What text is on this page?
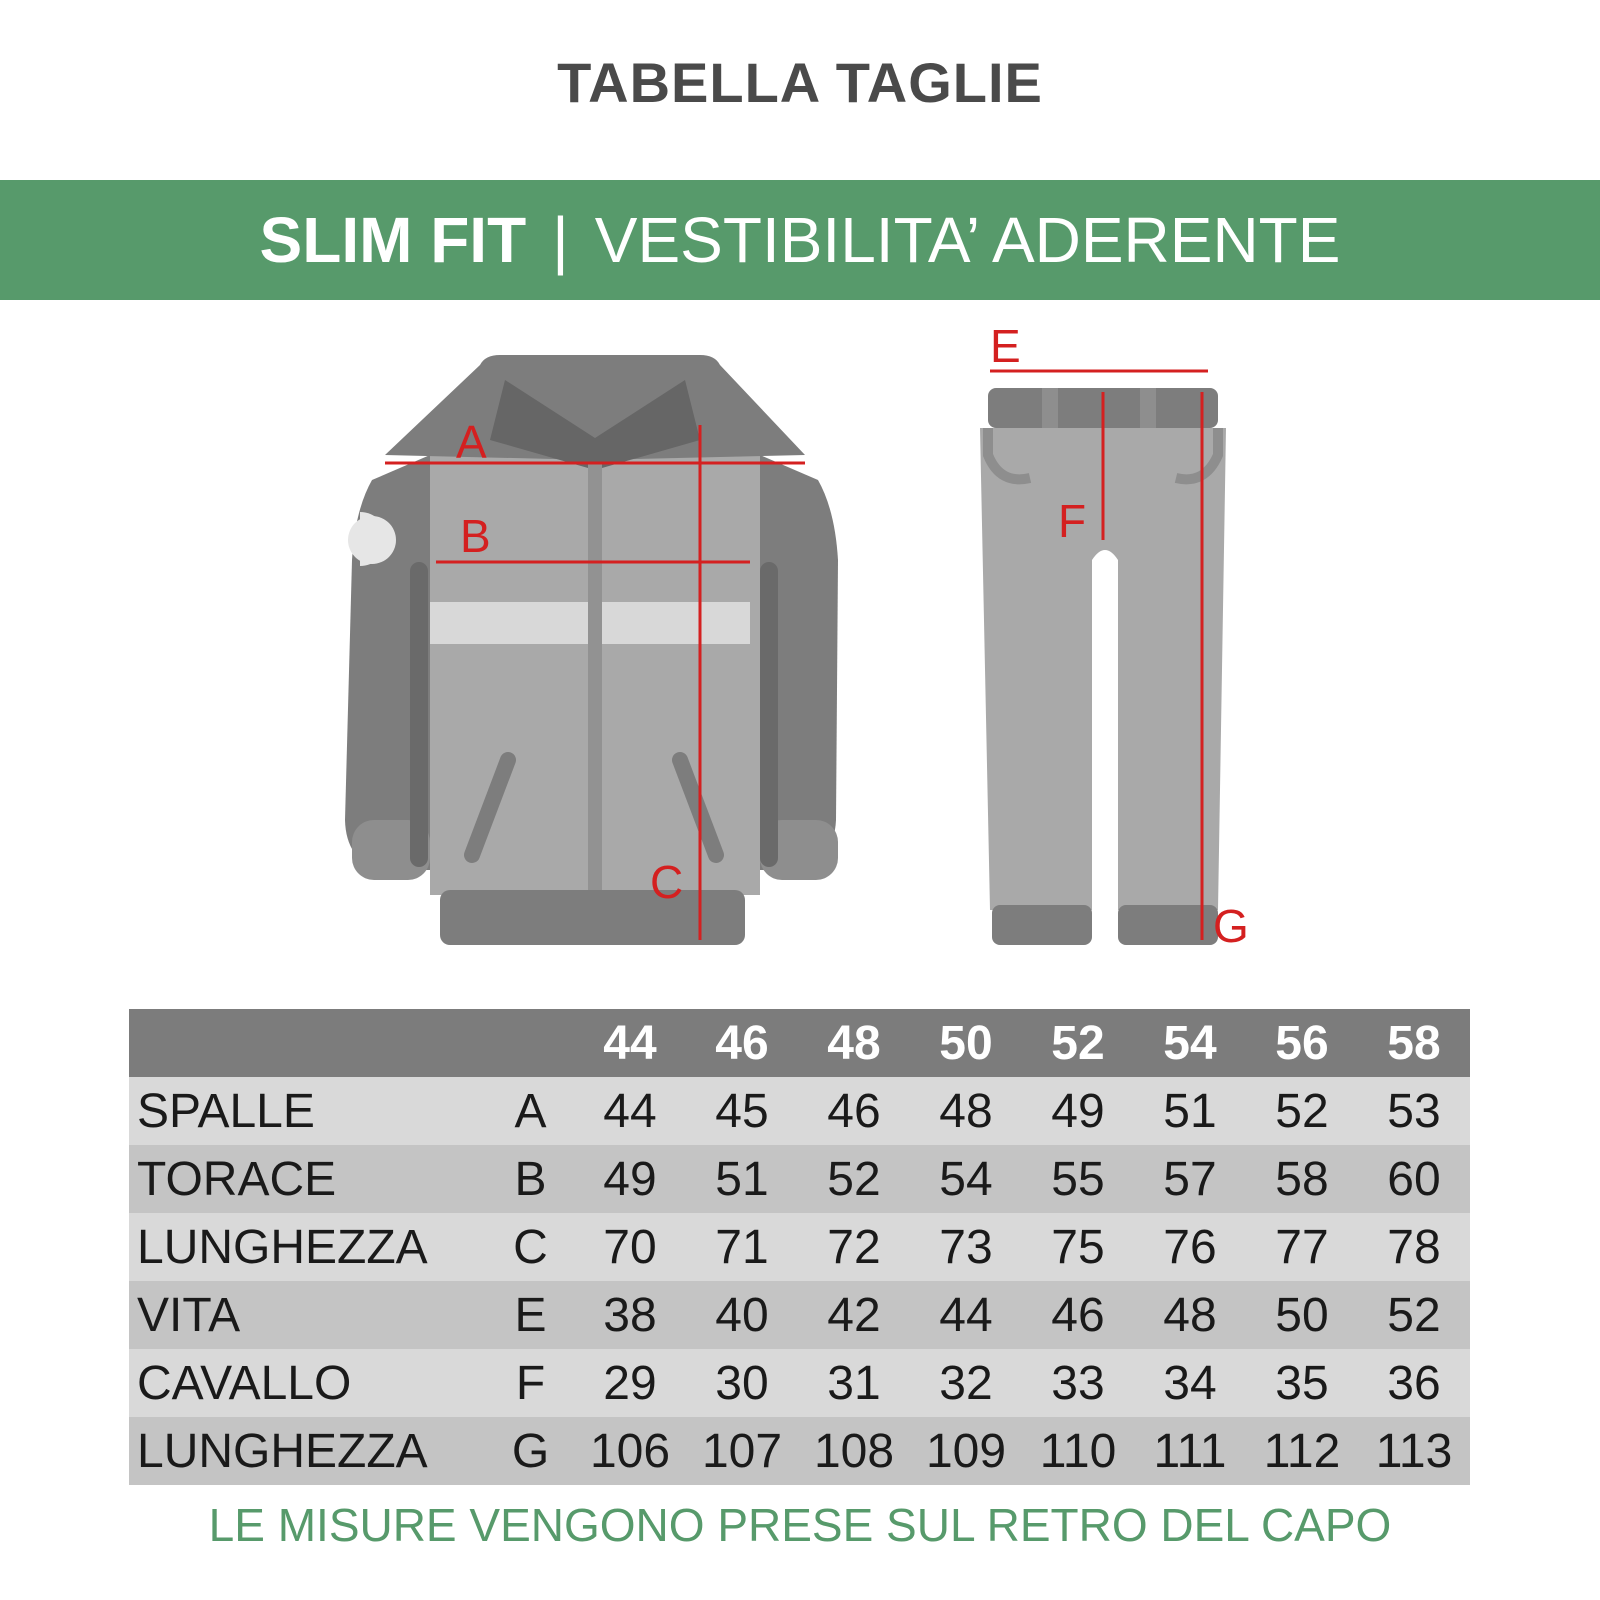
TABELLA TAGLIE
SLIM FIT | VESTIBILITA’ ADERENTE
A
B
C
E
F
G
		44	46	48	50	52	54	56	58
SPALLE	A	44	45	46	48	49	51	52	53
TORACE	B	49	51	52	54	55	57	58	60
LUNGHEZZA	C	70	71	72	73	75	76	77	78
VITA	E	38	40	42	44	46	48	50	52
CAVALLO	F	29	30	31	32	33	34	35	36
LUNGHEZZA	G	106	107	108	109	110	111	112	113
LE MISURE VENGONO PRESE SUL RETRO DEL CAPO
